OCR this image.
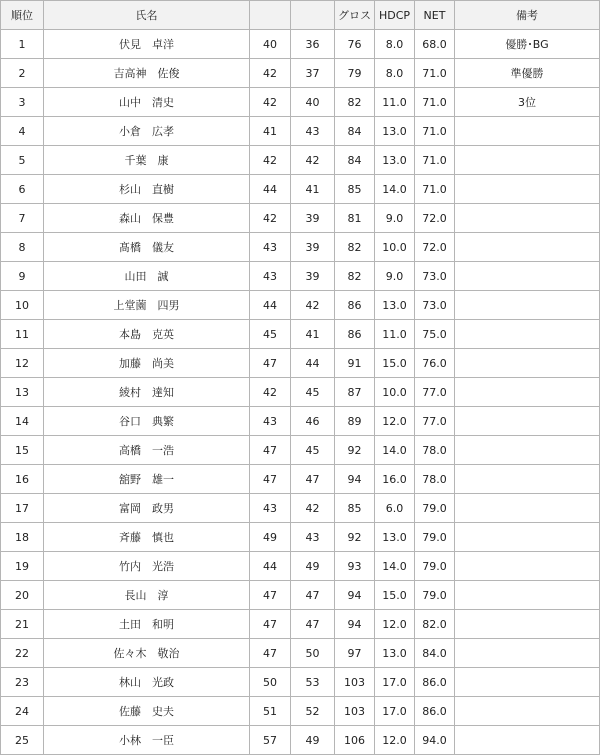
順位	氏名			グロス	HDCP	NET	備考
1	伏見　卓洋	40	36	76	8.0	68.0	優勝･BG
2	吉高神　佐俊	42	37	79	8.0	71.0	準優勝
3	山中　清史	42	40	82	11.0	71.0	3位
4	小倉　広孝	41	43	84	13.0	71.0	
5	千葉　康	42	42	84	13.0	71.0	
6	杉山　直樹	44	41	85	14.0	71.0	
7	森山　保豊	42	39	81	9.0	72.0	
8	髙橋　儀友	43	39	82	10.0	72.0	
9	山田　誠	43	39	82	9.0	73.0	
10	上堂薗　四男	44	42	86	13.0	73.0	
11	本島　克英	45	41	86	11.0	75.0	
12	加藤　尚美	47	44	91	15.0	76.0	
13	綾村　達知	42	45	87	10.0	77.0	
14	谷口　典繁	43	46	89	12.0	77.0	
15	高橋　一浩	47	45	92	14.0	78.0	
16	舘野　雄一	47	47	94	16.0	78.0	
17	富岡　政男	43	42	85	6.0	79.0	
18	斉藤　慎也	49	43	92	13.0	79.0	
19	竹内　光浩	44	49	93	14.0	79.0	
20	長山　淳	47	47	94	15.0	79.0	
21	土田　和明	47	47	94	12.0	82.0	
22	佐々木　敬治	47	50	97	13.0	84.0	
23	林山　光政	50	53	103	17.0	86.0	
24	佐藤　史夫	51	52	103	17.0	86.0	
25	小林　一臣	57	49	106	12.0	94.0	
